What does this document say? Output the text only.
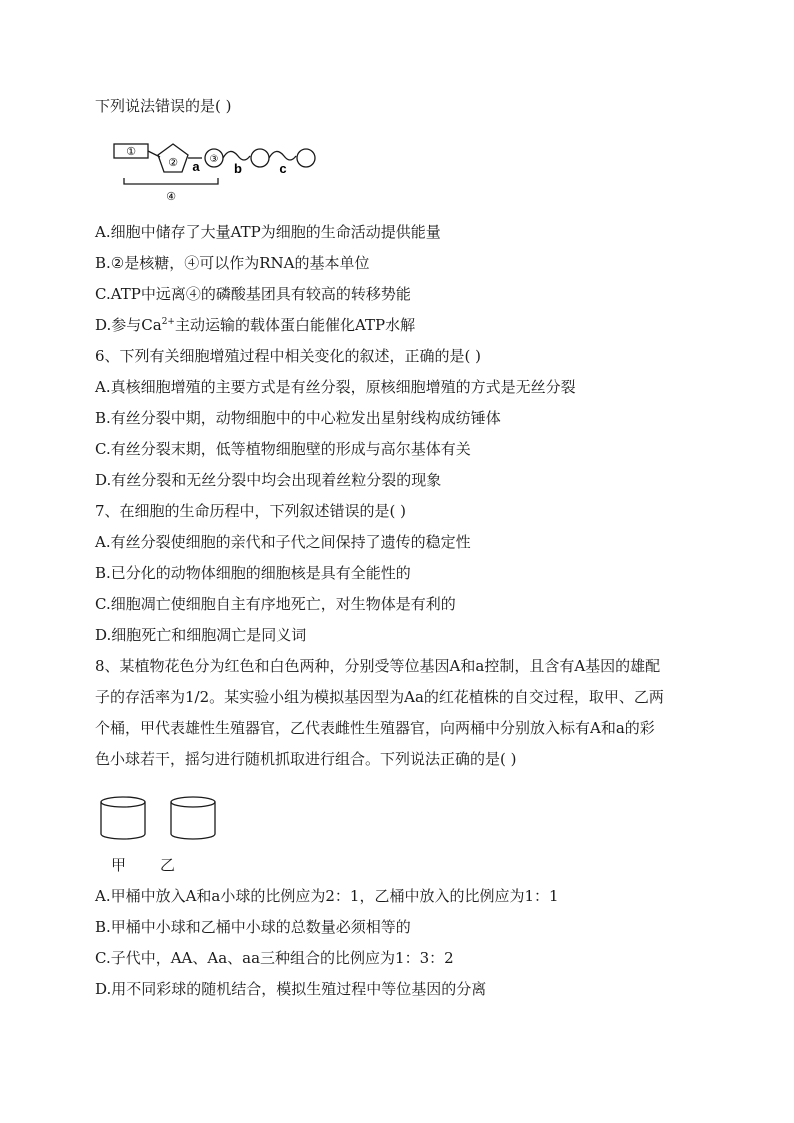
下列说法错误的是( )
①
②	③
a	b	c
④
A.细胞中储存了大量ATP为细胞的生命活动提供能量
B.②是核糖，④可以作为RNA的基本单位
C.ATP中远离④的磷酸基团具有较高的转移势能
D.参与$Ca^{2+}$主动运输的载体蛋白能催化ATP水解
6、下列有关细胞增殖过程中相关变化的叙述，正确的是( )
A.真核细胞增殖的主要方式是有丝分裂，原核细胞增殖的方式是无丝分裂
B.有丝分裂中期，动物细胞中的中心粒发出星射线构成纺锤体
C.有丝分裂末期，低等植物细胞壁的形成与高尔基体有关
D.有丝分裂和无丝分裂中均会出现着丝粒分裂的现象
7、在细胞的生命历程中，下列叙述错误的是( )
A.有丝分裂使细胞的亲代和子代之间保持了遗传的稳定性
B.已分化的动物体细胞的细胞核是具有全能性的
C.细胞凋亡使细胞自主有序地死亡，对生物体是有利的
D.细胞死亡和细胞凋亡是同义词
8、某植物花色分为红色和白色两种，分别受等位基因A和a控制，且含有A基因的雄配
子的存活率为1/2。某实验小组为模拟基因型为Aa的红花植株的自交过程，取甲、乙两
个桶，甲代表雄性生殖器官，乙代表雌性生殖器官，向两桶中分别放入标有A和a的彩
色小球若干，摇匀进行随机抓取进行组合。下列说法正确的是( )
甲 乙
A.甲桶中放入A和a小球的比例应为2：1，乙桶中放入的比例应为1：1
B.甲桶中小球和乙桶中小球的总数量必须相等的
C.子代中，AA、Aa、aa三种组合的比例应为1：3：2
D.用不同彩球的随机结合，模拟生殖过程中等位基因的分离
